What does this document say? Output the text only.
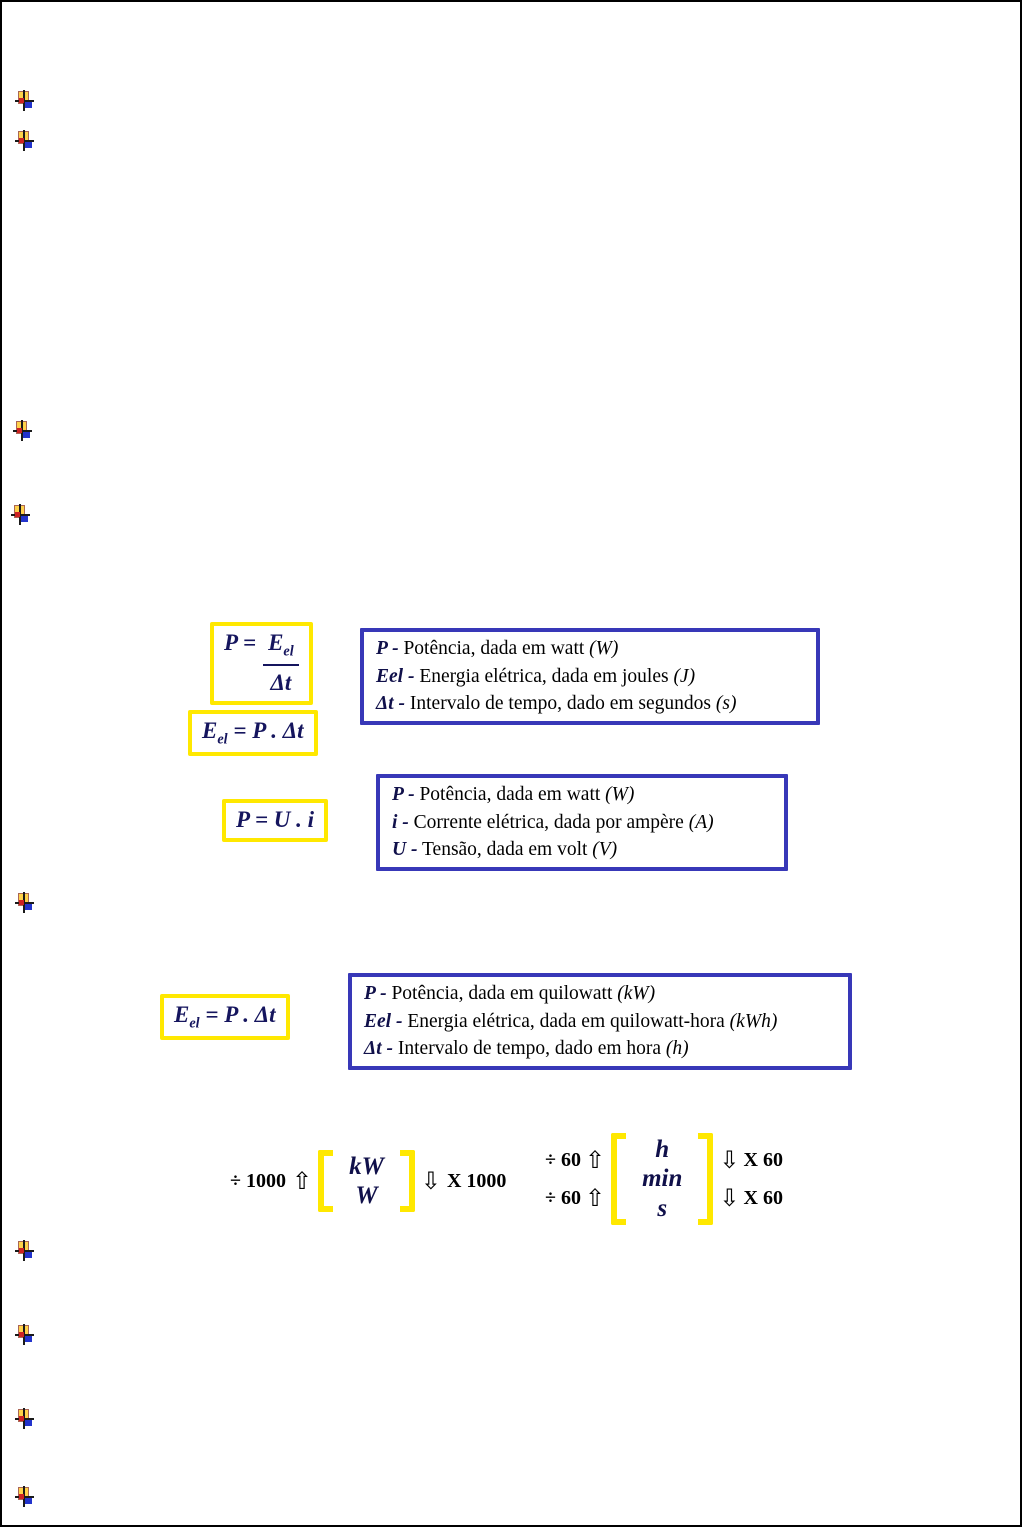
$P = \frac{E_{el}}{\Delta t}$
$E_{el} = P$ . Δt
P - Potência, dada em watt (W)
Eel - Energia elétrica, dada em joules (J)
Δt - Intervalo de tempo, dado em segundos (s)
P = U . i
P - Potência, dada em watt (W)
i - Corrente elétrica, dada por ampère (A)
U - Tensão, dada em volt (V)
$E_{el} = P$ . Δt
P - Potência, dada em quilowatt (kW)
Eel - Energia elétrica, dada em quilowatt-hora (kWh)
Δt - Intervalo de tempo, dado em hora (h)
÷ 1000 ⇧
kW
W
⇩ X 1000
÷ 60 ⇧
÷ 60 ⇧
h
min
s
⇩ X 60
⇩ X 60
